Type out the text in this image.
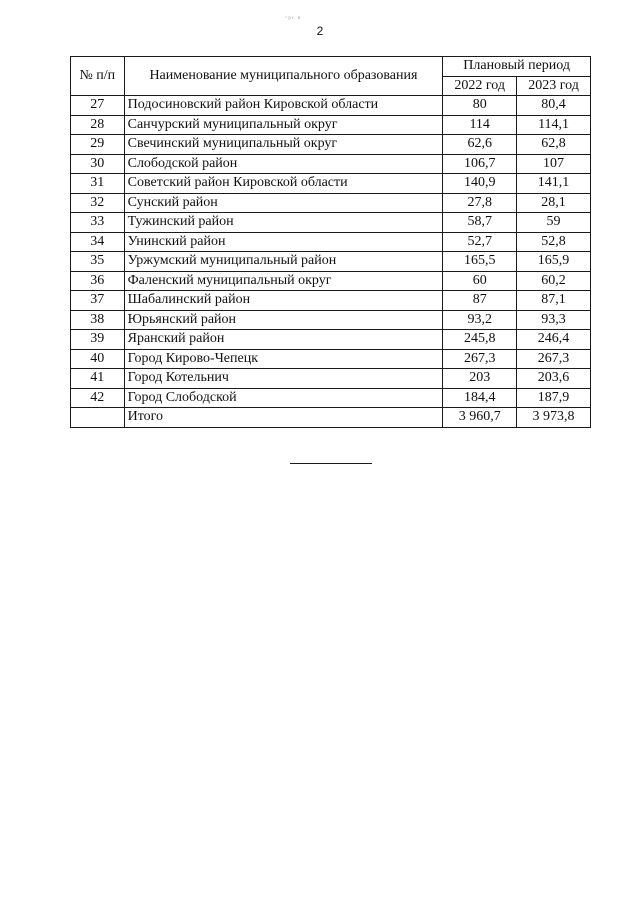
ᵔᵖᶜ ⁿ
2
№ п/п	Наименование муниципального образования	Плановый период	
		2022 год	2023 год
27	Подосиновский район Кировской области	80	80,4
28	Санчурский муниципальный округ	114	114,1
29	Свечинский муниципальный округ	62,6	62,8
30	Слободской район	106,7	107
31	Советский район Кировской области	140,9	141,1
32	Сунский район	27,8	28,1
33	Тужинский район	58,7	59
34	Унинский район	52,7	52,8
35	Уржумский муниципальный район	165,5	165,9
36	Фаленский муниципальный округ	60	60,2
37	Шабалинский район	87	87,1
38	Юрьянский район	93,2	93,3
39	Яранский район	245,8	246,4
40	Город Кирово-Чепецк	267,3	267,3
41	Город Котельнич	203	203,6
42	Город Слободской	184,4	187,9
	Итого	3 960,7	3 973,8
